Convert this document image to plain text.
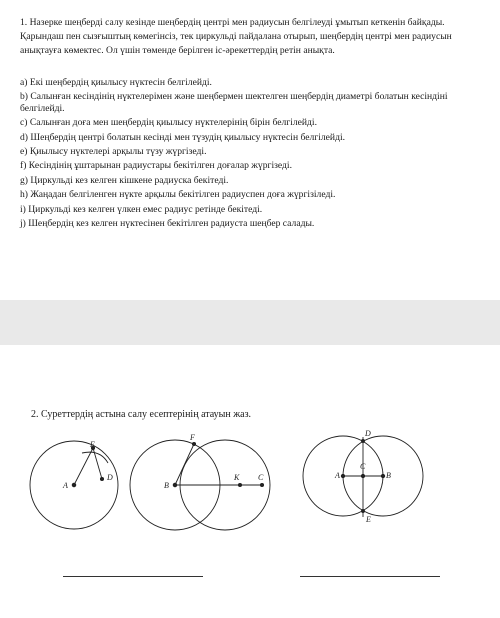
1. Назерке шеңберді салу кезінде шеңбердің центрі мен радиусын белгілеуді ұмытып кеткенін байқады. Қарындаш пен сызғыштың көмегінсіз, тек циркульді пайдалана отырып, шеңбердің центрі мен радиусын анықтауға көмектес. Ол үшін төменде берілген іс-әрекеттердің ретін анықта.

a) Екі шеңбердің қиылысу нүктесін белгілейді.
b) Салынған кесіндінің нүктелерімен және шеңбермен шектелген шеңбердің диаметрі болатын кесіндіні белгілейді.
c) Салынған доға мен шеңбердің қиылысу нүктелерінің бірін белгілейді.
d) Шеңбердің центрі болатын кесінді мен түзудің қиылысу нүктесін белгілейді.
e) Қиылысу нүктелері арқылы түзу жүргізеді.
f) Кесіндінің ұштарынан радиустары бекітілген доғалар жүргізеді.
g) Циркульді кез келген кішкене радиуска бекітеді.
h) Жаңадан белгіленген нүкте арқылы бекітілген радиуспен доға жүргізіледі.
i) Циркульді кез келген үлкен емес радиус ретінде бекітеді.
j) Шеңбердің кез келген нүктесінен бекітілген радиуста шеңбер салады.
2. Суреттердің астына салу есептерінің атауын жаз.
E
D
A
F
B
K C
D
A
C
B
E
